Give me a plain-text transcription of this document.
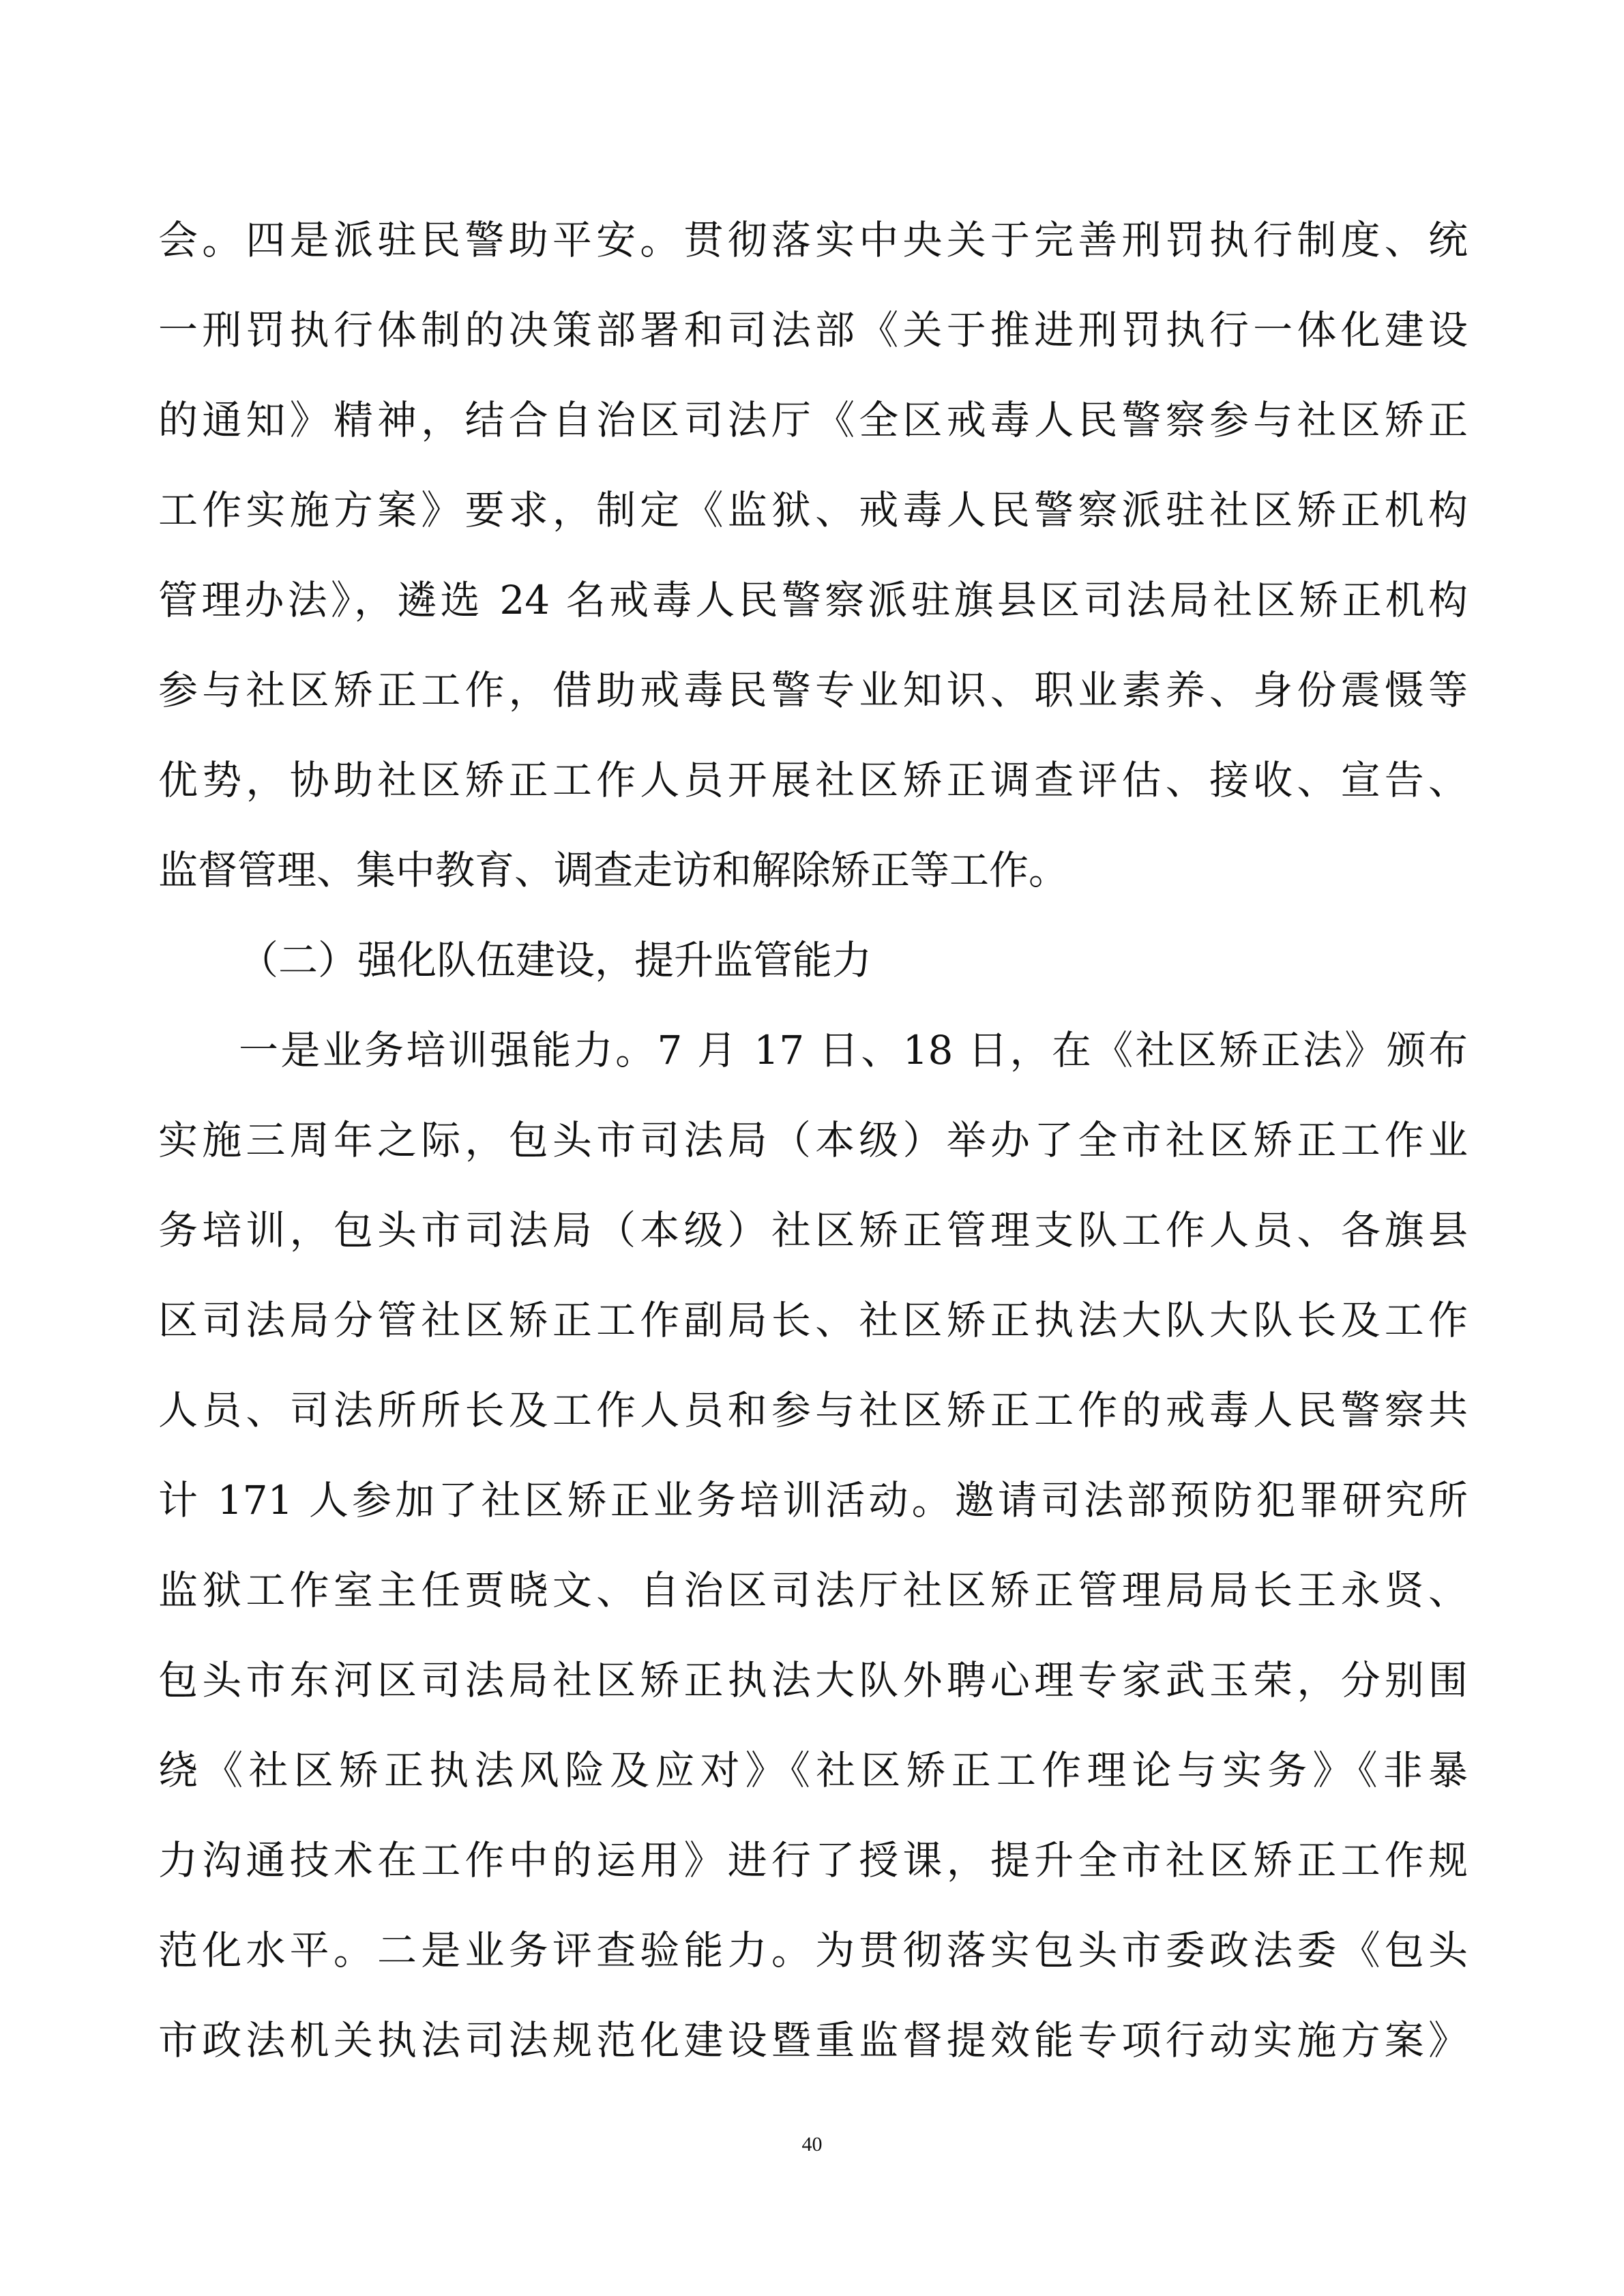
会。四是派驻民警助平安。贯彻落实中央关于完善刑罚执行制度、统
一刑罚执行体制的决策部署和司法部《关于推进刑罚执行一体化建设
的通知》精神，结合自治区司法厅《全区戒毒人民警察参与社区矫正
工作实施方案》要求，制定《监狱、戒毒人民警察派驻社区矫正机构
管理办法》，遴选 24 名戒毒人民警察派驻旗县区司法局社区矫正机构
参与社区矫正工作，借助戒毒民警专业知识、职业素养、身份震慑等
优势，协助社区矫正工作人员开展社区矫正调查评估、接收、宣告、
监督管理、集中教育、调查走访和解除矫正等工作。
（二）强化队伍建设，提升监管能力
一是业务培训强能力。7 月 17 日、18 日，在《社区矫正法》颁布
实施三周年之际，包头市司法局（本级）举办了全市社区矫正工作业
务培训，包头市司法局（本级）社区矫正管理支队工作人员、各旗县
区司法局分管社区矫正工作副局长、社区矫正执法大队大队长及工作
人员、司法所所长及工作人员和参与社区矫正工作的戒毒人民警察共
计 171 人参加了社区矫正业务培训活动。邀请司法部预防犯罪研究所
监狱工作室主任贾晓文、自治区司法厅社区矫正管理局局长王永贤、
包头市东河区司法局社区矫正执法大队外聘心理专家武玉荣，分别围
绕《社区矫正执法风险及应对》《社区矫正工作理论与实务》《非暴
力沟通技术在工作中的运用》进行了授课，提升全市社区矫正工作规
范化水平。二是业务评查验能力。为贯彻落实包头市委政法委《包头
市政法机关执法司法规范化建设暨重监督提效能专项行动实施方案》
40
